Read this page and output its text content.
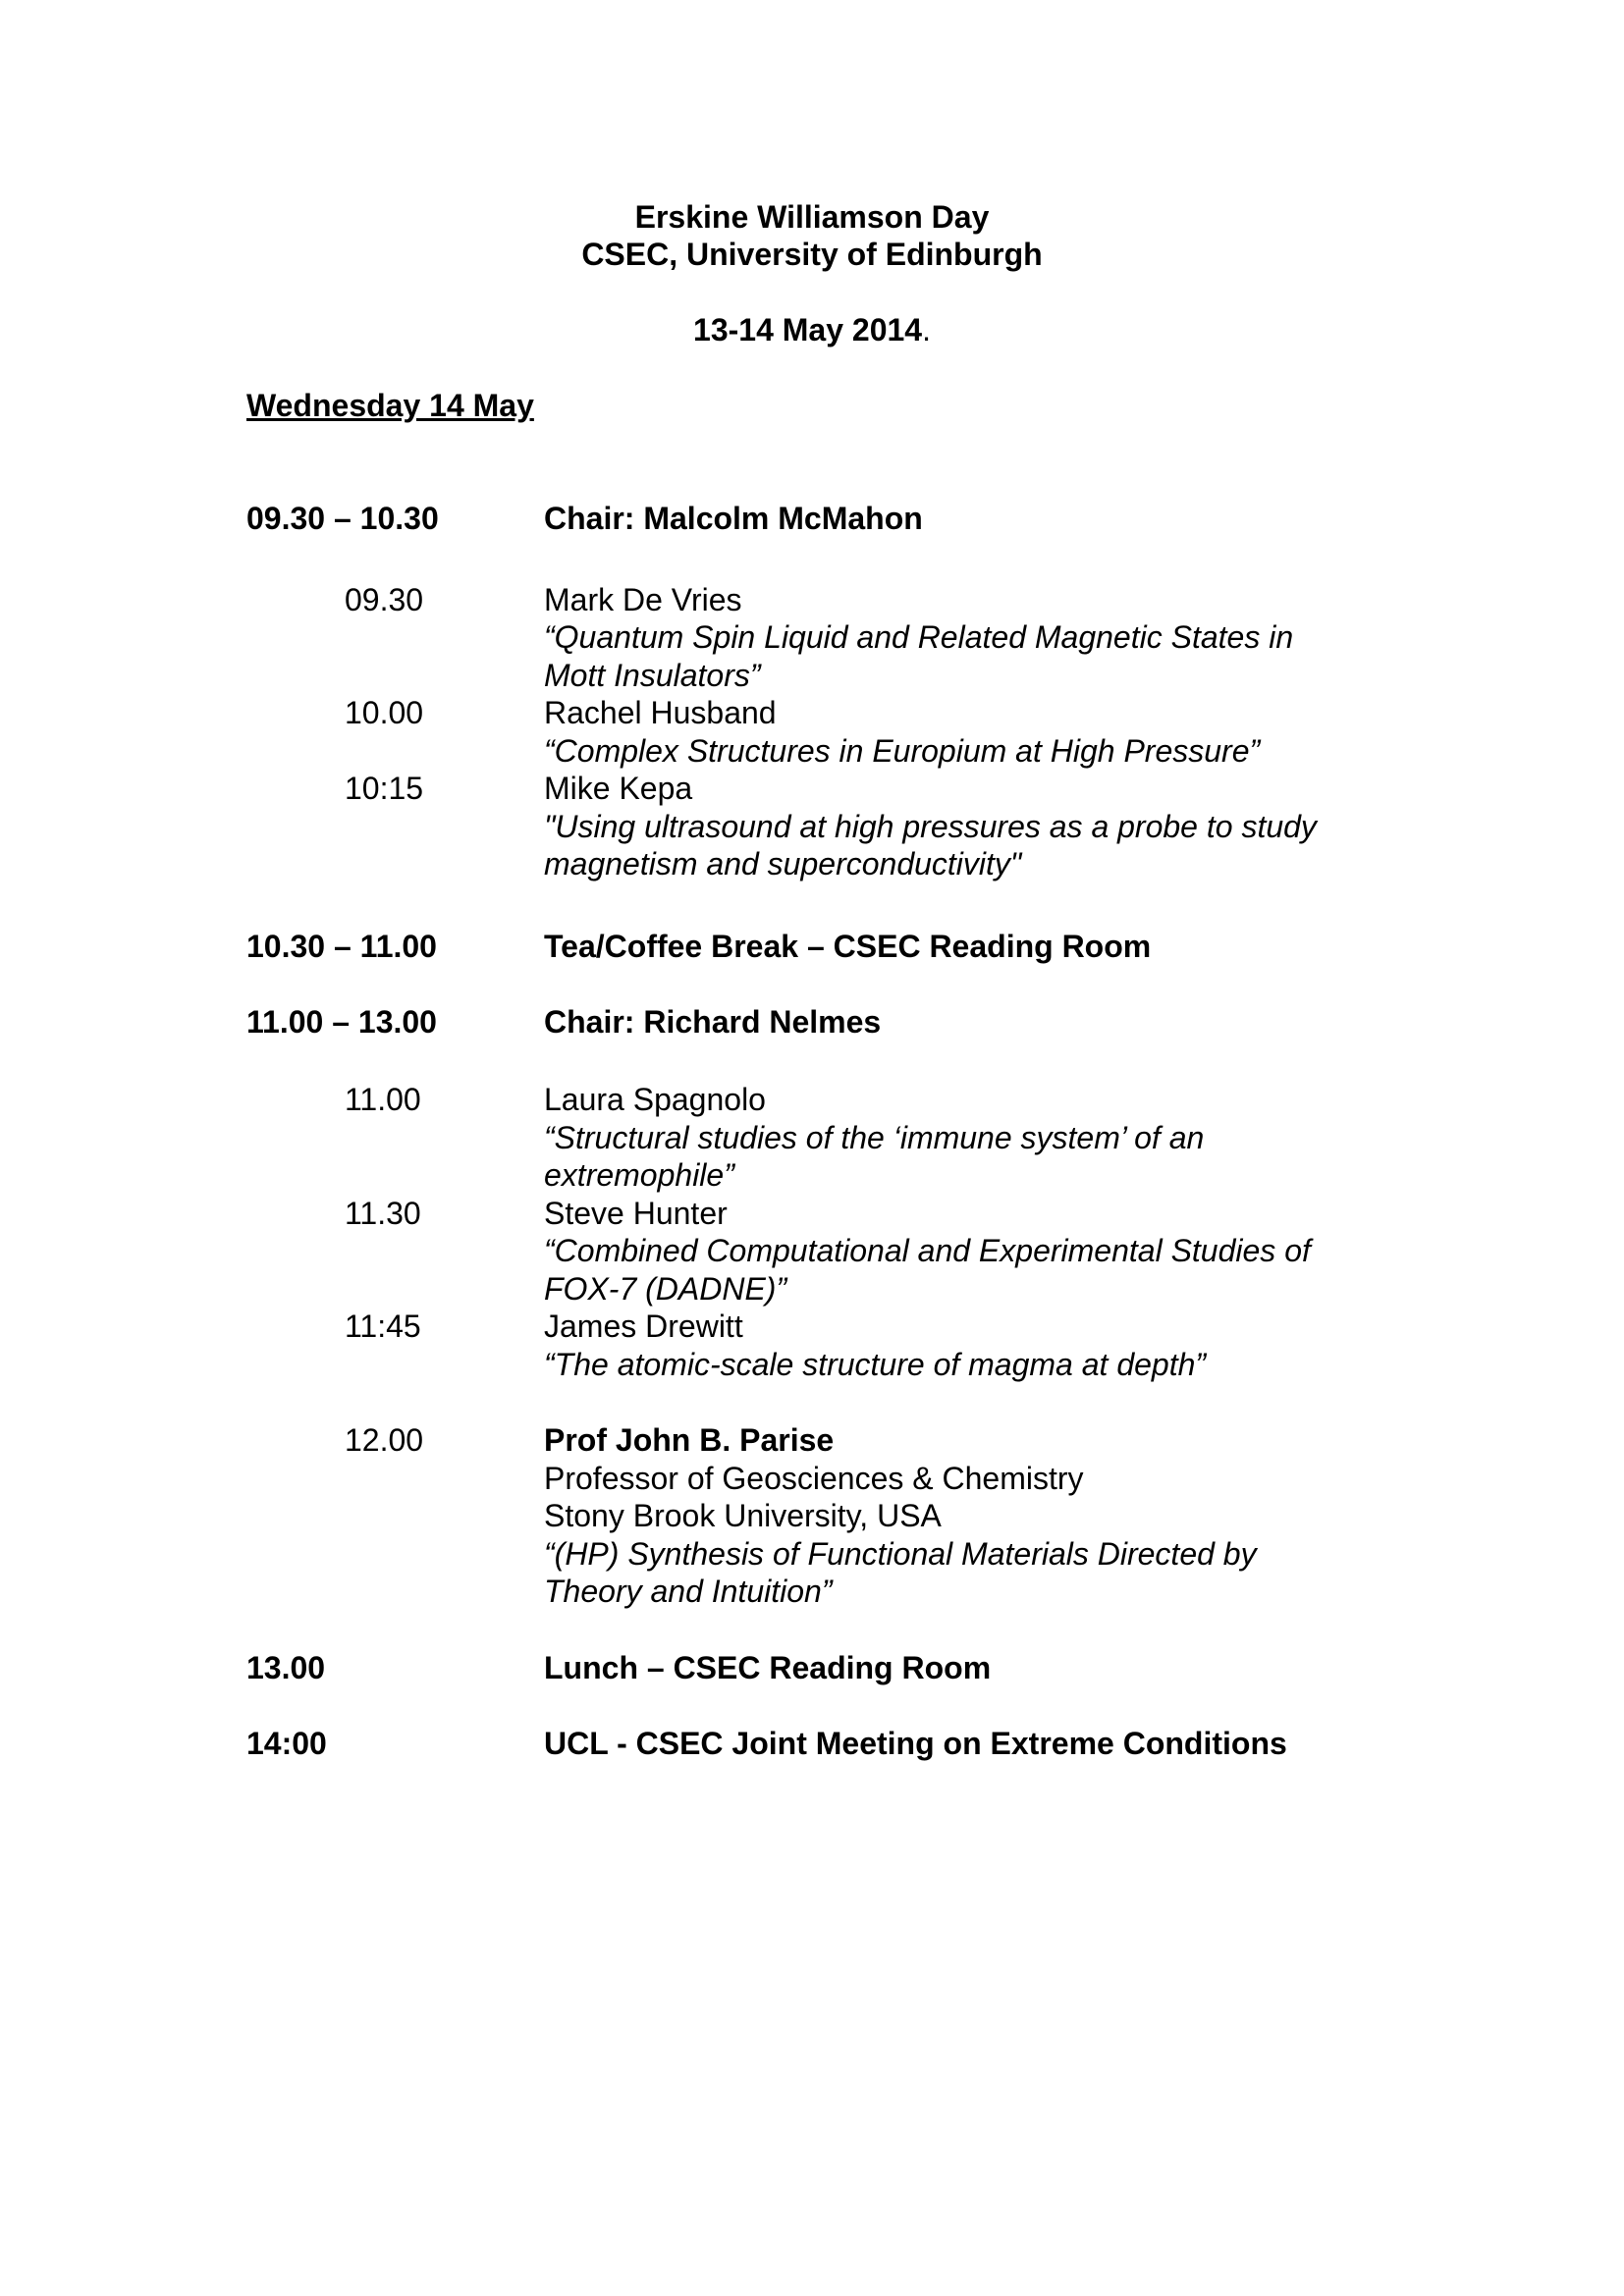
Erskine Williamson Day
CSEC, University of Edinburgh
13-14 May 2014.
Wednesday 14 May
09.30 – 10.30	Chair: Malcolm McMahon
09.30	Mark De Vries
“Quantum Spin Liquid and Related Magnetic States in
Mott Insulators”
10.00	Rachel Husband
“Complex Structures in Europium at High Pressure”
10:15	Mike Kepa
"Using ultrasound at high pressures as a probe to study
magnetism and superconductivity"
10.30 – 11.00	Tea/Coffee Break – CSEC Reading Room
11.00 – 13.00	Chair: Richard Nelmes
11.00	Laura Spagnolo
“Structural studies of the ‘immune system’ of an
extremophile”
11.30	Steve Hunter
“Combined Computational and Experimental Studies of
FOX-7 (DADNE)”
11:45	James Drewitt
“The atomic-scale structure of magma at depth”
12.00	Prof John B. Parise
Professor of Geosciences & Chemistry
Stony Brook University, USA
“(HP) Synthesis of Functional Materials Directed by
Theory and Intuition”
13.00	Lunch – CSEC Reading Room
14:00	UCL - CSEC Joint Meeting on Extreme Conditions
